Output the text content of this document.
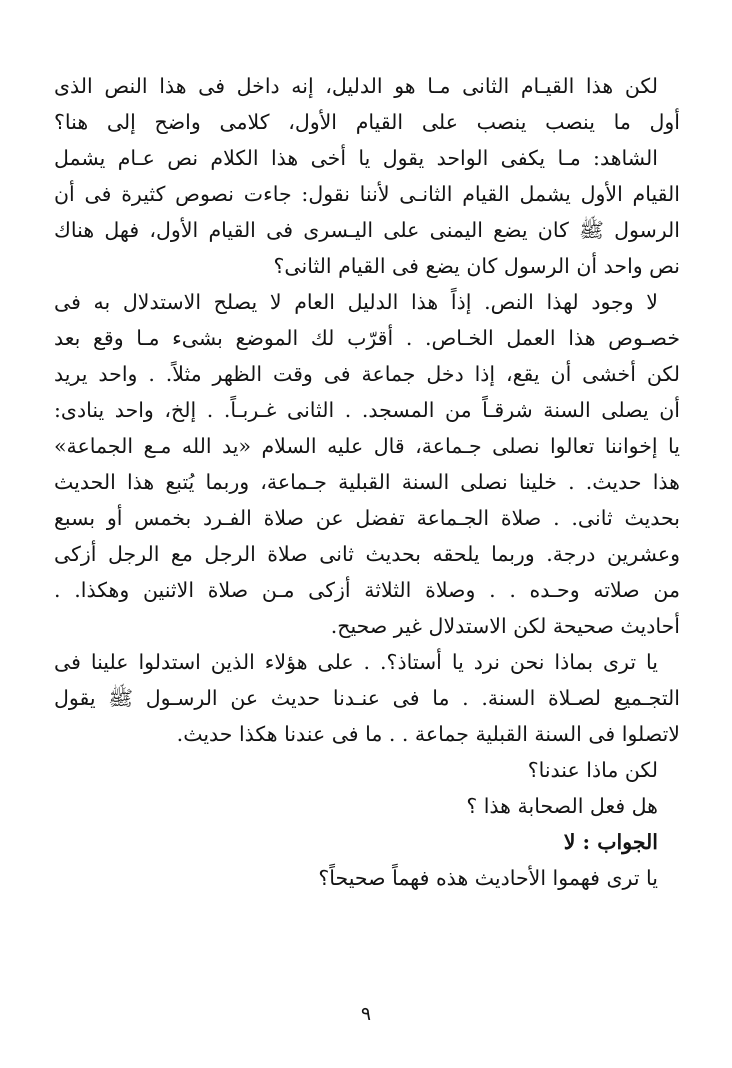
لكن هذا القيـام الثانى مـا هو الدليل، إنه داخل فى هذا النص الذى
أول ما ينصب ينصب على القيام الأول، كلامى واضح إلى هنا؟
الشاهد: مـا يكفى الواحد يقول يا أخى هذا الكلام نص عـام يشمل
القيام الأول يشمل القيام الثانـى لأننا نقول: جاءت نصوص كثيرة فى أن
الرسول ﷺ كان يضع اليمنى على اليـسرى فى القيام الأول، فهل هناك
نص واحد أن الرسول كان يضع فى القيام الثانى؟
لا وجود لهذا النص. إذاً هذا الدليل العام لا يصلح الاستدلال به فى
خصـوص هذا العمل الخـاص. . أقرّب لك الموضع بشىء مـا وقع بعد
لكن أخشى أن يقع، إذا دخل جماعة فى وقت الظهر مثلاً. . واحد يريد
أن يصلى السنة شرقـاً من المسجد. . الثانى غـربـاً. . إلخ، واحد ينادى:
يا إخواننا تعالوا نصلى جـماعة، قال عليه السلام «يد الله مـع الجماعة»
هذا حديث. . خلينا نصلى السنة القبلية جـماعة، وربما يُتبع هذا الحديث
بحديث ثانى. . صلاة الجـماعة تفضل عن صلاة الفـرد بخمس أو بسبع
وعشرين درجة. وربما يلحقه بحديث ثانى صلاة الرجل مع الرجل أزكى
من صلاته وحـده . . وصلاة الثلاثة أزكى مـن صلاة الاثنين وهكذا. .
أحاديث صحيحة لكن الاستدلال غير صحيح.
يا ترى بماذا نحن نرد يا أستاذ؟. . على هؤلاء الذين استدلوا علينا فى
التجـميع لصـلاة السنة. . ما فى عنـدنا حديث عن الرسـول ﷺ يقول
لاتصلوا فى السنة القبلية جماعة . . ما فى عندنا هكذا حديث.
لكن ماذا عندنا؟
هل فعل الصحابة هذا ؟
الجواب : لا
يا ترى فهموا الأحاديث هذه فهماً صحيحاً؟
٩
